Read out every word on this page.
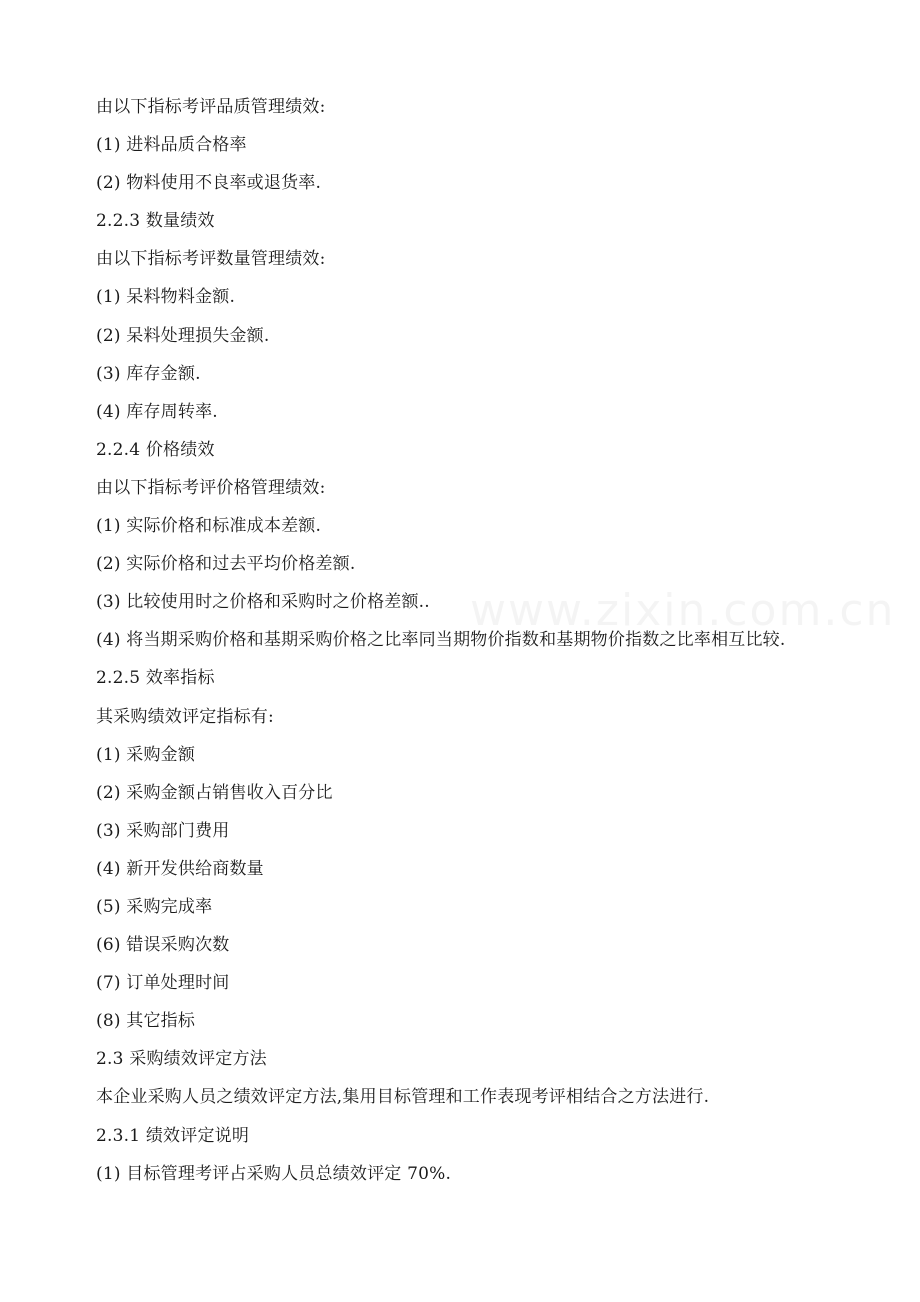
由以下指标考评品质管理绩效:
(1) 进料品质合格率
(2) 物料使用不良率或退货率.
2.2.3 数量绩效
由以下指标考评数量管理绩效:
(1) 呆料物料金额.
(2) 呆料处理损失金额.
(3) 库存金额.
(4) 库存周转率.
2.2.4 价格绩效
由以下指标考评价格管理绩效:
(1) 实际价格和标准成本差额.
(2) 实际价格和过去平均价格差额.
(3) 比较使用时之价格和采购时之价格差额..
(4) 将当期采购价格和基期采购价格之比率同当期物价指数和基期物价指数之比率相互比较.
2.2.5 效率指标
其采购绩效评定指标有:
(1) 采购金额
(2) 采购金额占销售收入百分比
(3) 采购部门费用
(4) 新开发供给商数量
(5) 采购完成率
(6) 错误采购次数
(7) 订单处理时间
(8) 其它指标
2.3 采购绩效评定方法
本企业采购人员之绩效评定方法,集用目标管理和工作表现考评相结合之方法进行.
2.3.1 绩效评定说明
(1) 目标管理考评占采购人员总绩效评定 70%.
www.zixin.com.cn
